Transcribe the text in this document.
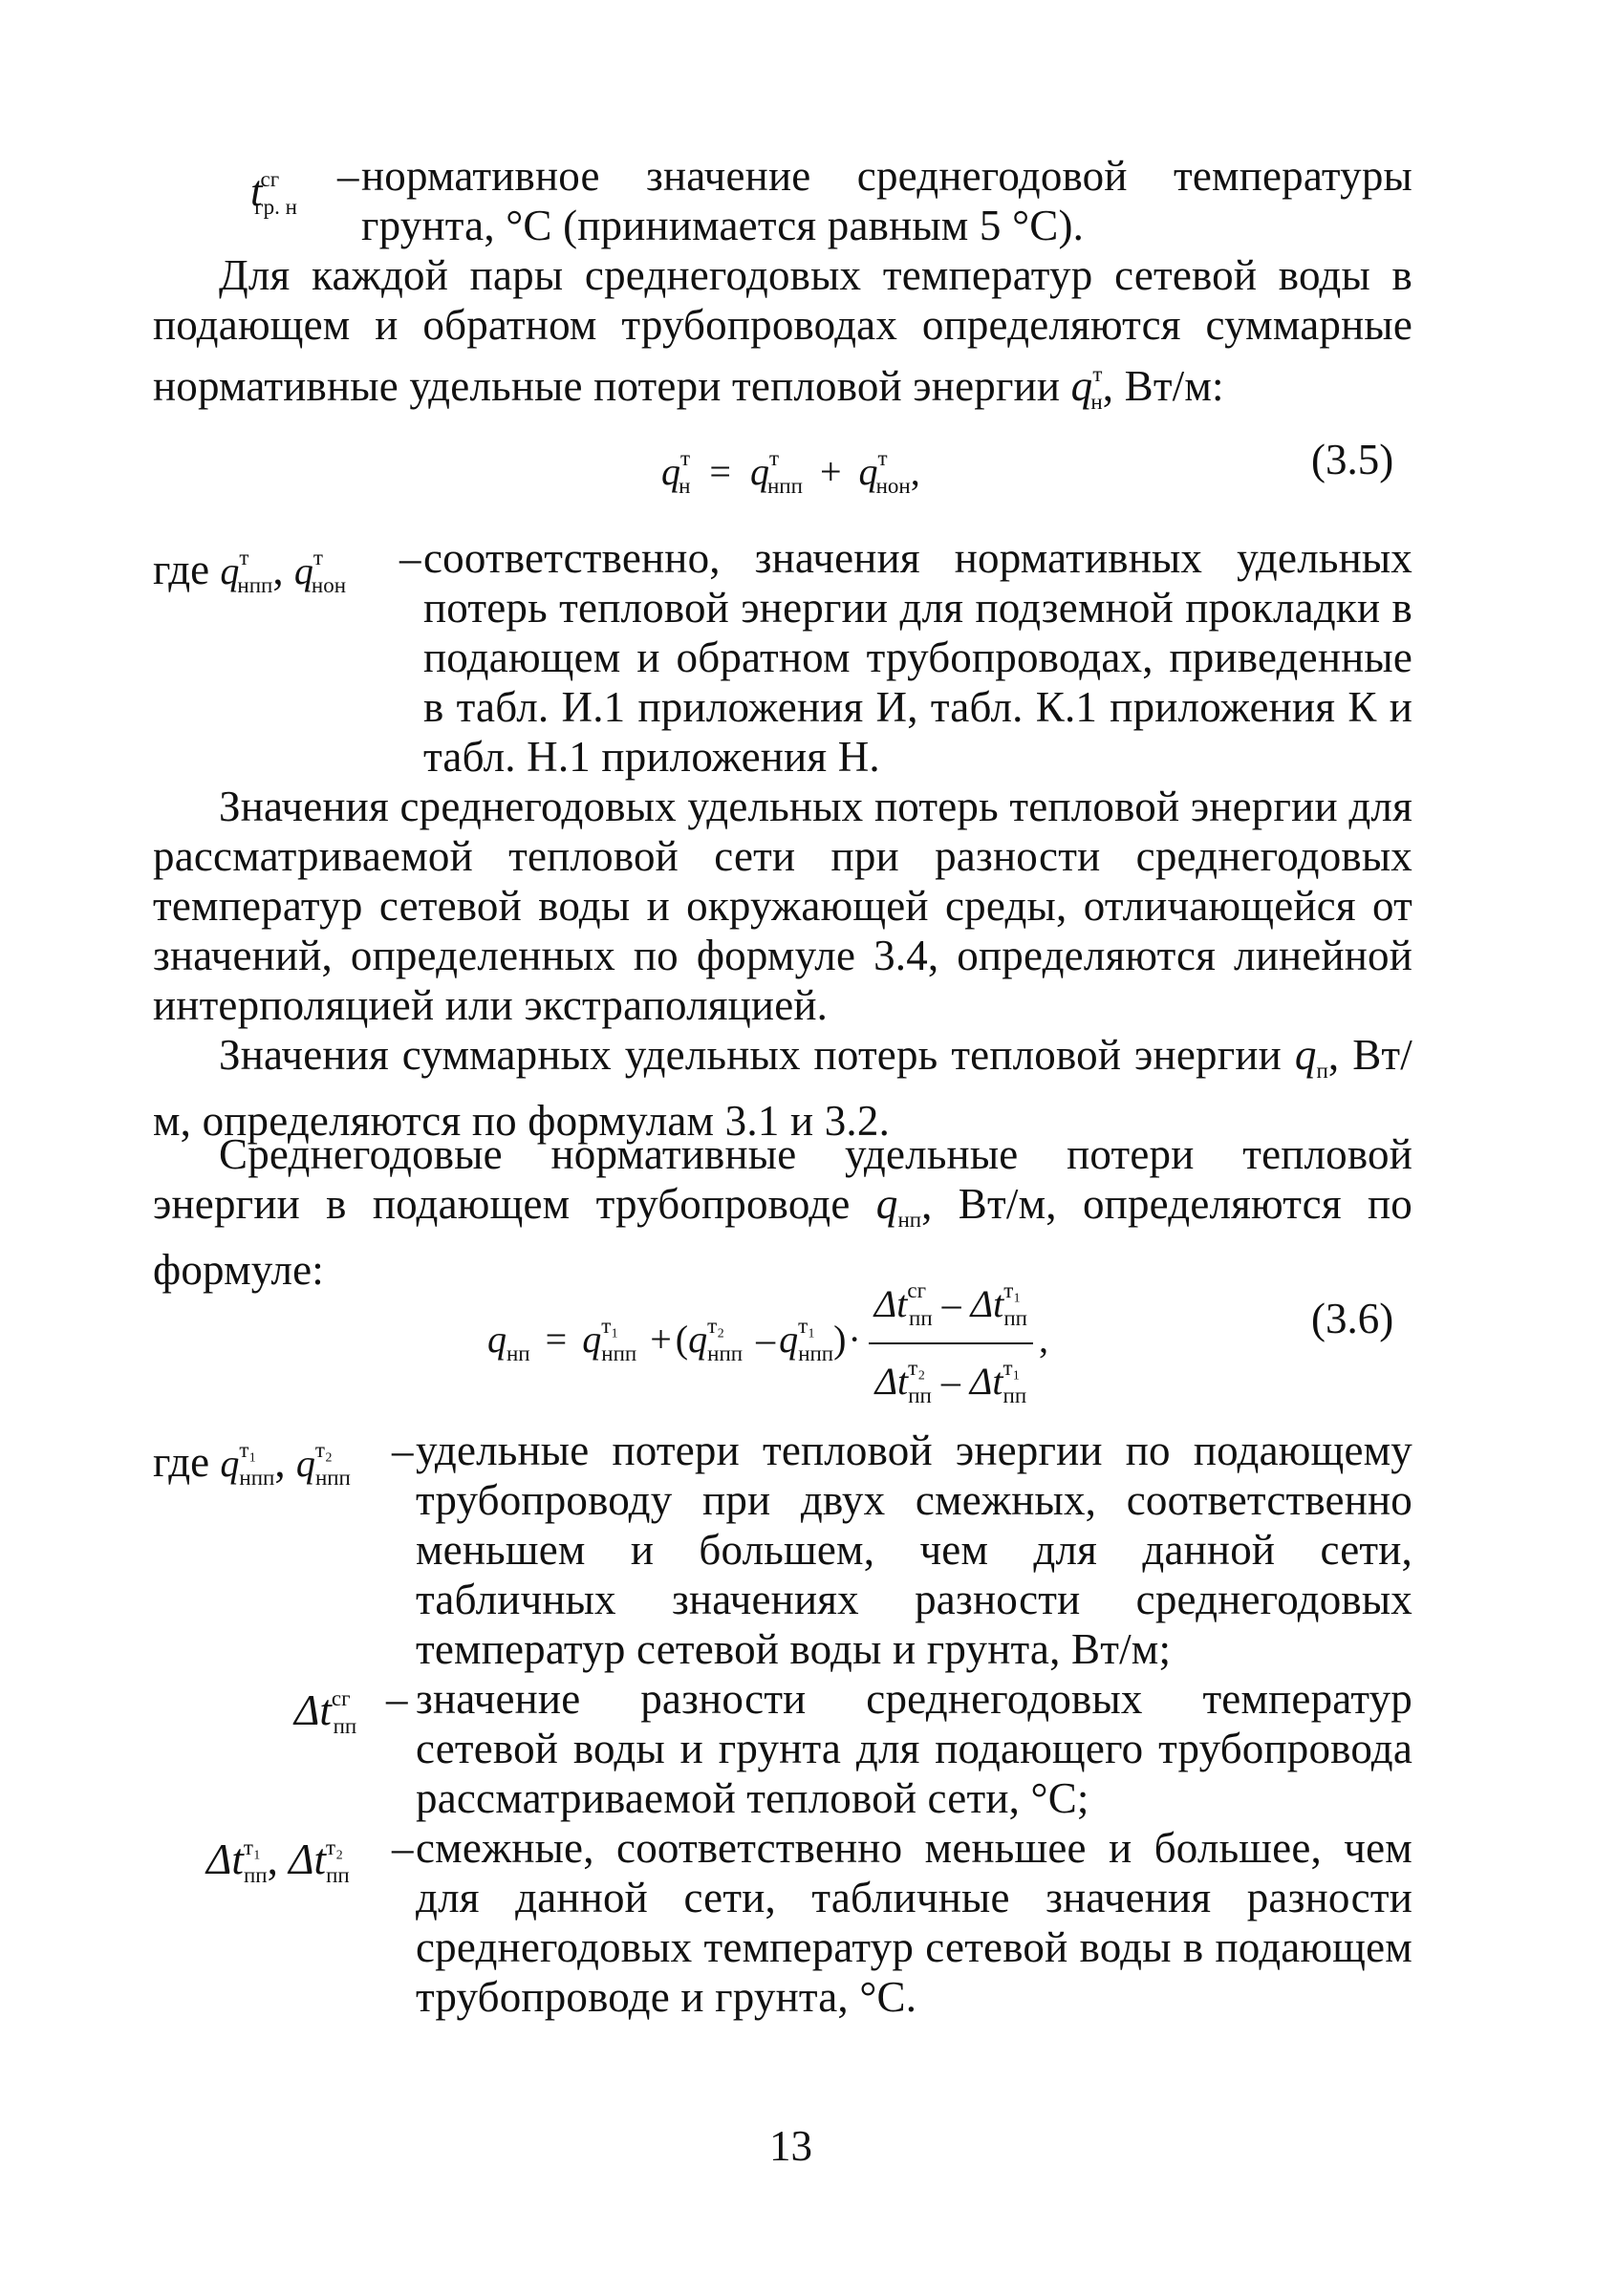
$t^{сг}_{гр. н}$
– нормативное значение среднегодовой температуры грунта, °С (принимается равным 5 °С).
Для каждой пары среднегодовых температур сетевой воды в подающем и обратном трубопроводах определяются суммарные нормативные удельные потери тепловой энергии $q^т_н$, Вт/м:
$q^т_н = q^т_{нпп} + q^т_{нон}$,	(3.5)
где $q^т_{нпп}$, $q^т_{нон}$
– соответственно, значения нормативных удельных потерь тепловой энергии для подземной прокладки в подающем и обратном трубопроводах, приведенные в табл. И.1 приложения И, табл. К.1 приложения К и табл. Н.1 приложения Н.
Значения среднегодовых удельных потерь тепловой энергии для рассматриваемой тепловой сети при разности среднегодовых температур сетевой воды и окружающей среды, отличающейся от значений, определенных по формуле 3.4, определяются линейной интерполяцией или экстраполяцией.
Значения суммарных удельных потерь тепловой энергии $q_п$, Вт/м, определяются по формулам 3.1 и 3.2.
Среднегодовые нормативные удельные потери тепловой энергии в подающем трубопроводе $q_{нп}$, Вт/м, определяются по формуле:
$q_{нп} = q^{т_1}_{нпп} + (q^{т_2}_{нпп} - q^{т_1}_{нпп})\cdot \frac{\Delta t^{сг}_{пп} - \Delta t^{т_1}_{пп}}{\Delta t^{т_2}_{пп} - \Delta t^{т_1}_{пп}}$ ,	(3.6)
где $q^{т_1}_{нпп}$, $q^{т_2}_{нпп}$
– удельные потери тепловой энергии по подающему трубопроводу при двух смежных, соответственно меньшем и большем, чем для данной сети, табличных значениях разности среднегодовых температур сетевой воды и грунта, Вт/м;
$\Delta t^{сг}_{пп}$
– значение разности среднегодовых температур сетевой воды и грунта для подающего трубопровода рассматриваемой тепловой сети, °С;
$\Delta t^{т_1}_{пп}$, $\Delta t^{т_2}_{пп}$
– смежные, соответственно меньшее и большее, чем для данной сети, табличные значения разности среднегодовых температур сетевой воды в подающем трубопроводе и грунта, °С.
13
